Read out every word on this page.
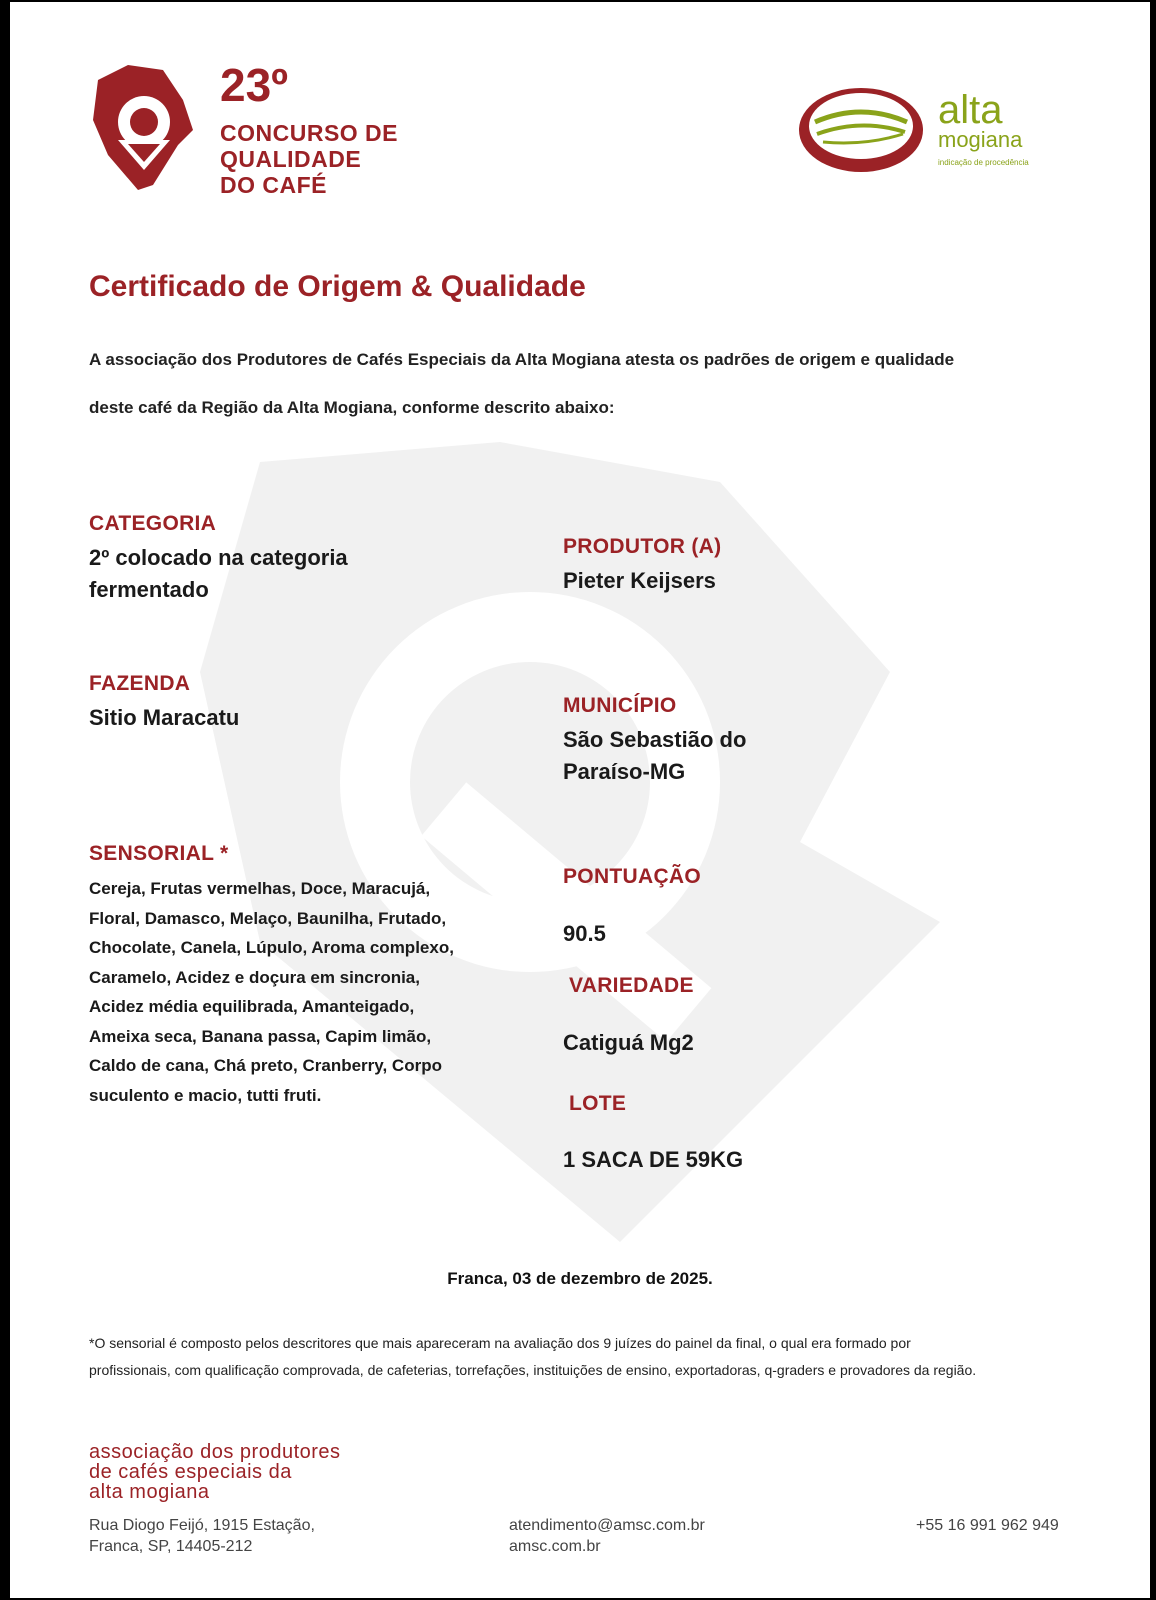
23º
CONCURSO DE
QUALIDADE
DO CAFÉ
alta
mogiana
indicação de procedência
Certificado de Origem & Qualidade
A associação dos Produtores de Cafés Especiais da Alta Mogiana atesta os padrões de origem e qualidade
deste café da Região da Alta Mogiana, conforme descrito abaixo:
CATEGORIA
2º colocado na categoria
fermentado
FAZENDA
Sitio Maracatu
SENSORIAL *
Cereja, Frutas vermelhas, Doce, Maracujá,
Floral, Damasco, Melaço, Baunilha, Frutado,
Chocolate, Canela, Lúpulo, Aroma complexo,
Caramelo, Acidez e doçura em sincronia,
Acidez média equilibrada, Amanteigado,
Ameixa seca, Banana passa, Capim limão,
Caldo de cana, Chá preto, Cranberry, Corpo
suculento e macio, tutti fruti.
PRODUTOR (A)
Pieter Keijsers
MUNICÍPIO
São Sebastião do
Paraíso-MG
PONTUAÇÃO
90.5
VARIEDADE
Catiguá Mg2
LOTE
1 SACA DE 59KG
Franca, 03 de dezembro de 2025.
*O sensorial é composto pelos descritores que mais apareceram na avaliação dos 9 juízes do painel da final, o qual era formado por
profissionais, com qualificação comprovada, de cafeterias, torrefações, instituições de ensino, exportadoras, q-graders e provadores da região.
associação dos produtores
de cafés especiais da
alta mogiana
Rua Diogo Feijó, 1915 Estação,
Franca, SP, 14405-212
atendimento@amsc.com.br
amsc.com.br
+55 16 991 962 949
